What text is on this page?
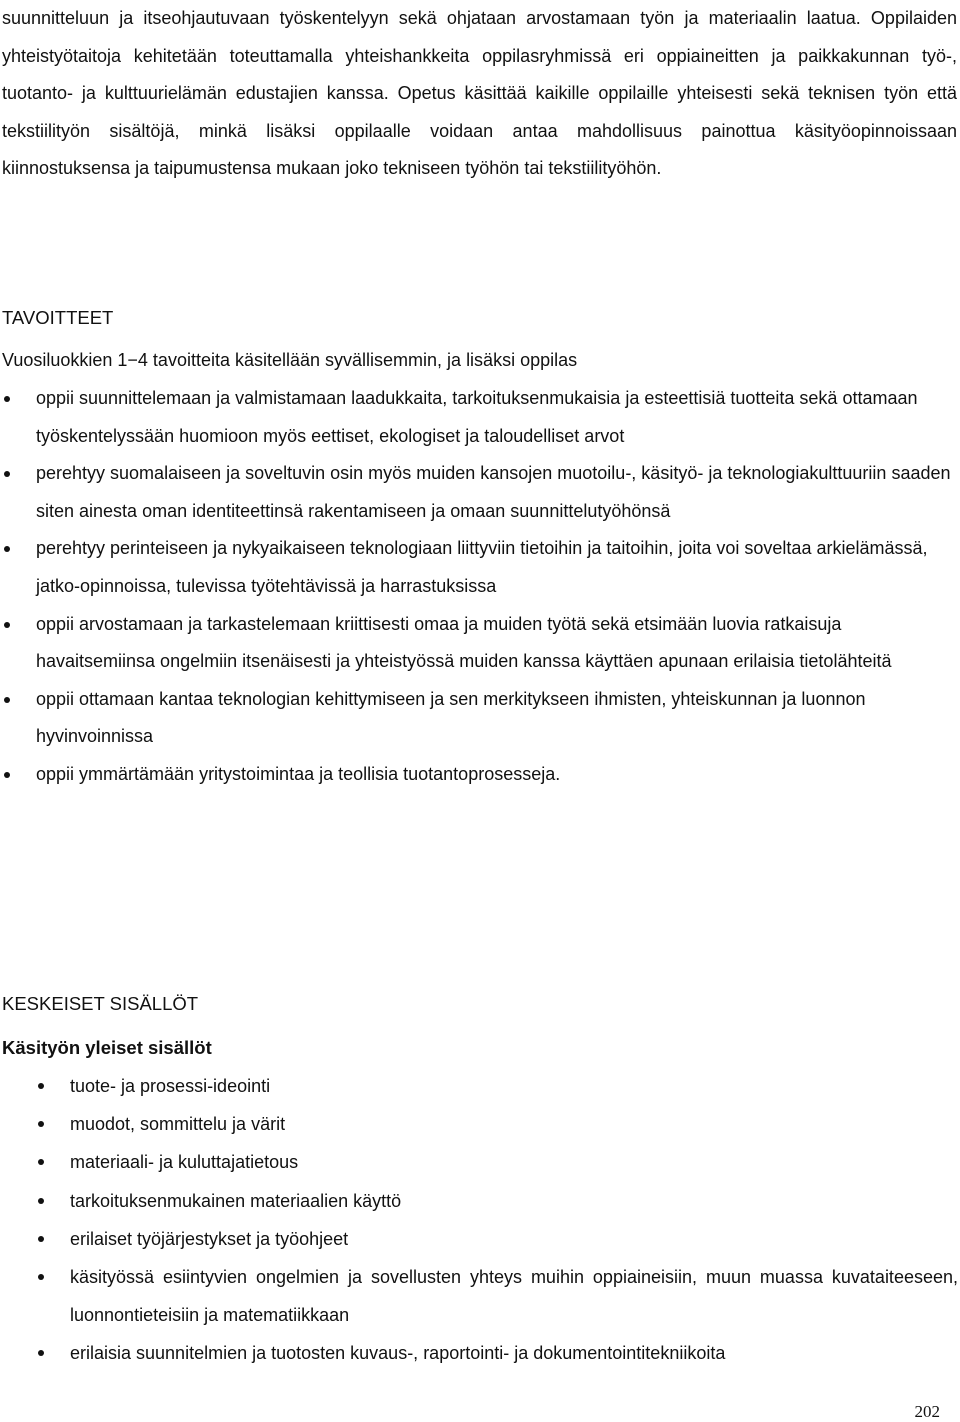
suunnitteluun ja itseohjautuvaan työskentelyyn sekä ohjataan arvostamaan työn ja materiaalin laatua. Oppilaiden yhteistyötaitoja kehitetään toteuttamalla yhteishankkeita oppilasryhmissä eri oppiaineitten ja paikkakunnan työ-, tuotanto- ja kulttuurielämän edustajien kanssa. Opetus käsittää kaikille oppilaille yhteisesti sekä teknisen työn että tekstiilityön sisältöjä, minkä lisäksi oppilaalle voidaan antaa mahdollisuus painottua käsityöopinnoissaan kiinnostuksensa ja taipumustensa mukaan joko tekniseen työhön tai tekstiilityöhön.

TAVOITTEET

Vuosiluokkien 1−4 tavoitteita käsitellään syvällisemmin, ja lisäksi oppilas

oppii suunnittelemaan ja valmistamaan laadukkaita, tarkoituksenmukaisia ja esteettisiä tuotteita sekä ottamaan työskentelyssään huomioon myös eettiset, ekologiset ja taloudelliset arvot
perehtyy suomalaiseen ja soveltuvin osin myös muiden kansojen muotoilu-, käsityö- ja teknologiakulttuuriin saaden siten ainesta oman identiteettinsä rakentamiseen ja omaan suunnittelutyöhönsä
perehtyy perinteiseen ja nykyaikaiseen teknologiaan liittyviin tietoihin ja taitoihin, joita voi soveltaa arkielämässä, jatko-opinnoissa, tulevissa työtehtävissä ja harrastuksissa
oppii arvostamaan ja tarkastelemaan kriittisesti omaa ja muiden työtä sekä etsimään luovia ratkaisuja havaitsemiinsa ongelmiin itsenäisesti ja yhteistyössä muiden kanssa käyttäen apunaan erilaisia tietolähteitä
oppii ottamaan kantaa teknologian kehittymiseen ja sen merkitykseen ihmisten, yhteiskunnan ja luonnon hyvinvoinnissa
oppii ymmärtämään yritystoimintaa ja teollisia tuotantoprosesseja.
KESKEISET SISÄLLÖT
Käsityön yleiset sisällöt
tuote- ja prosessi-ideointi
muodot, sommittelu ja värit
materiaali- ja kuluttajatietous
tarkoituksenmukainen materiaalien käyttö
erilaiset työjärjestykset ja työohjeet
käsityössä esiintyvien ongelmien ja sovellusten yhteys muihin oppiaineisiin, muun muassa kuvataiteeseen, luonnontieteisiin ja matematiikkaan
erilaisia suunnitelmien ja tuotosten kuvaus-, raportointi- ja dokumentointitekniikoita
202
